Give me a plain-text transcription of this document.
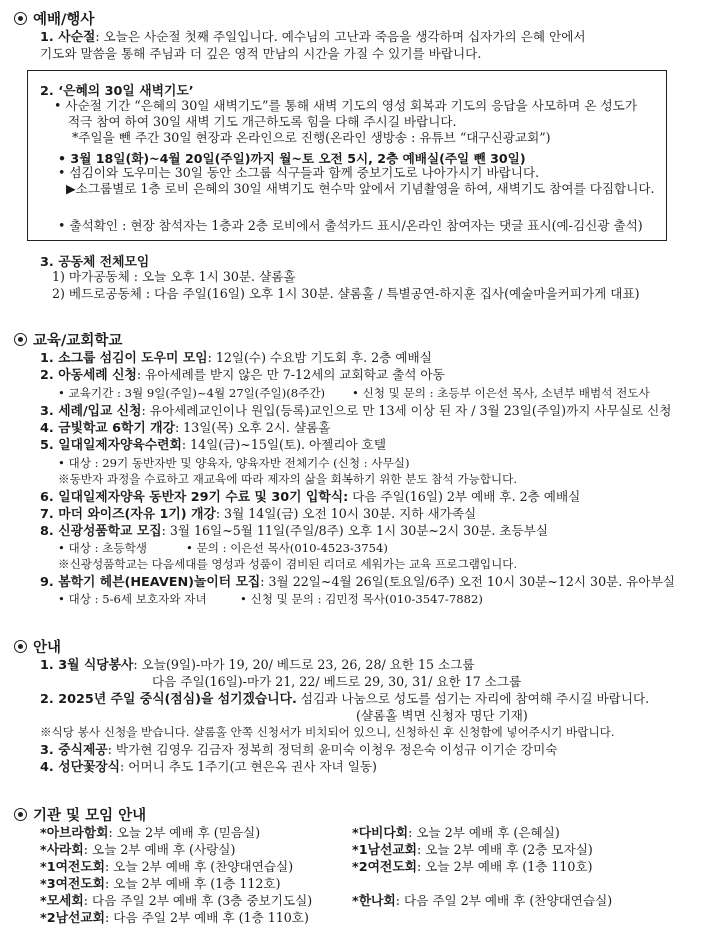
예배/행사
1. 사순절: 오늘은 사순절 첫째 주일입니다. 예수님의 고난과 죽음을 생각하며 십자가의 은혜 안에서
기도와 말씀을 통해 주님과 더 깊은 영적 만남의 시간을 가질 수 있기를 바랍니다.
2. ‘은혜의 30일 새벽기도’
• 사순절 기간 “은혜의 30일 새벽기도”를 통해 새벽 기도의 영성 회복과 기도의 응답을 사모하며 온 성도가
적극 참여 하여 30일 새벽 기도 개근하도록 힘을 다해 주시길 바랍니다.
*주일을 뺀 주간 30일 현장과 온라인으로 진행(온라인 생방송 : 유튜브 “대구신광교회”)
• 3월 18일(화)~4월 20일(주일)까지 월~토 오전 5시, 2층 예배실(주일 뺀 30일)
• 섬김이와 도우미는 30일 동안 소그룹 식구들과 함께 중보기도로 나아가시기 바랍니다.
▶소그룹별로 1층 로비 은혜의 30일 새벽기도 현수막 앞에서 기념촬영을 하여, 새벽기도 참여를 다짐합니다.
• 출석확인 : 현장 참석자는 1층과 2층 로비에서 출석카드 표시/온라인 참여자는 댓글 표시(예-김신광 출석)
3. 공동체 전체모임
1) 마가공동체 : 오늘 오후 1시 30분. 샬롬홀
2) 베드로공동체 : 다음 주일(16일) 오후 1시 30분. 샬롬홀 / 특별공연-하지훈 집사(예술마을커피가게 대표)
교육/교회학교
1. 소그룹 섬김이 도우미 모임: 12일(수) 수요밤 기도회 후. 2층 예배실
2. 아동세례 신청: 유아세례를 받지 않은 만 7-12세의 교회학교 출석 아동
• 교육기간 : 3월 9일(주일)~4월 27일(주일)(8주간) • 신청 및 문의 : 초등부 이은선 목사, 소년부 배범석 전도사
3. 세례/입교 신청: 유아세례교인이나 원입(등록)교인으로 만 13세 이상 된 자 / 3월 23일(주일)까지 사무실로 신청
4. 금빛학교 6학기 개강: 13일(목) 오후 2시. 샬롬홀
5. 일대일제자양육수련회: 14일(금)~15일(토). 아젤리아 호텔
• 대상 : 29기 동반자반 및 양육자, 양육자반 전체기수 (신청 : 사무실)
※동반자 과정을 수료하고 재교육에 따라 제자의 삶을 회복하기 위한 분도 참석 가능합니다.
6. 일대일제자양육 동반자 29기 수료 및 30기 입학식: 다음 주일(16일) 2부 예배 후. 2층 예배실
7. 마더 와이즈(자유 1기) 개강: 3월 14일(금) 오전 10시 30분. 지하 새가족실
8. 신광성품학교 모집: 3월 16일~5월 11일(주일/8주) 오후 1시 30분~2시 30분. 초등부실
• 대상 : 초등학생	• 문의 : 이은선 목사(010-4523-3754)
※신광성품학교는 다음세대를 영성과 성품이 겸비된 리더로 세워가는 교육 프로그램입니다.
9. 봄학기 헤븐(HEAVEN)놀이터 모집: 3월 22일~4월 26일(토요일/6주) 오전 10시 30분~12시 30분. 유아부실
• 대상 : 5-6세 보호자와 자녀	• 신청 및 문의 : 김민정 목사(010-3547-7882)
안내
1. 3월 식당봉사: 오늘(9일)-마가 19, 20/ 베드로 23, 26, 28/ 요한 15 소그룹
다음 주일(16일)-마가 21, 22/ 베드로 29, 30, 31/ 요한 17 소그룹
2. 2025년 주일 중식(점심)을 섬기겠습니다. 섬김과 나눔으로 성도를 섬기는 자리에 참여해 주시길 바랍니다.
(샬롬홀 벽면 신청자 명단 기재)
※식당 봉사 신청을 받습니다. 샬롬홀 안쪽 신청서가 비치되어 있으니, 신청하신 후 신청함에 넣어주시기 바랍니다.
3. 중식제공: 박가현 김영우 김금자 정복희 정덕희 윤미숙 이청우 정은숙 이성규 이기순 강미숙
4. 성단꽃장식: 어머니 추도 1주기(고 현은옥 권사 자녀 일동)
기관 및 모임 안내
*아브라함회: 오늘 2부 예배 후 (믿음실)
*사라회: 오늘 2부 예배 후 (사랑실)
*1여전도회: 오늘 2부 예배 후 (찬양대연습실)
*3여전도회: 오늘 2부 예배 후 (1층 112호)
*모세회: 다음 주일 2부 예배 후 (3층 중보기도실)
*2남선교회: 다음 주일 2부 예배 후 (1층 110호)
*다비다회: 오늘 2부 예배 후 (은혜실)
*1남선교회: 오늘 2부 예배 후 (2층 모자실)
*2여전도회: 오늘 2부 예배 후 (1층 110호)
*한나회: 다음 주일 2부 예배 후 (찬양대연습실)
